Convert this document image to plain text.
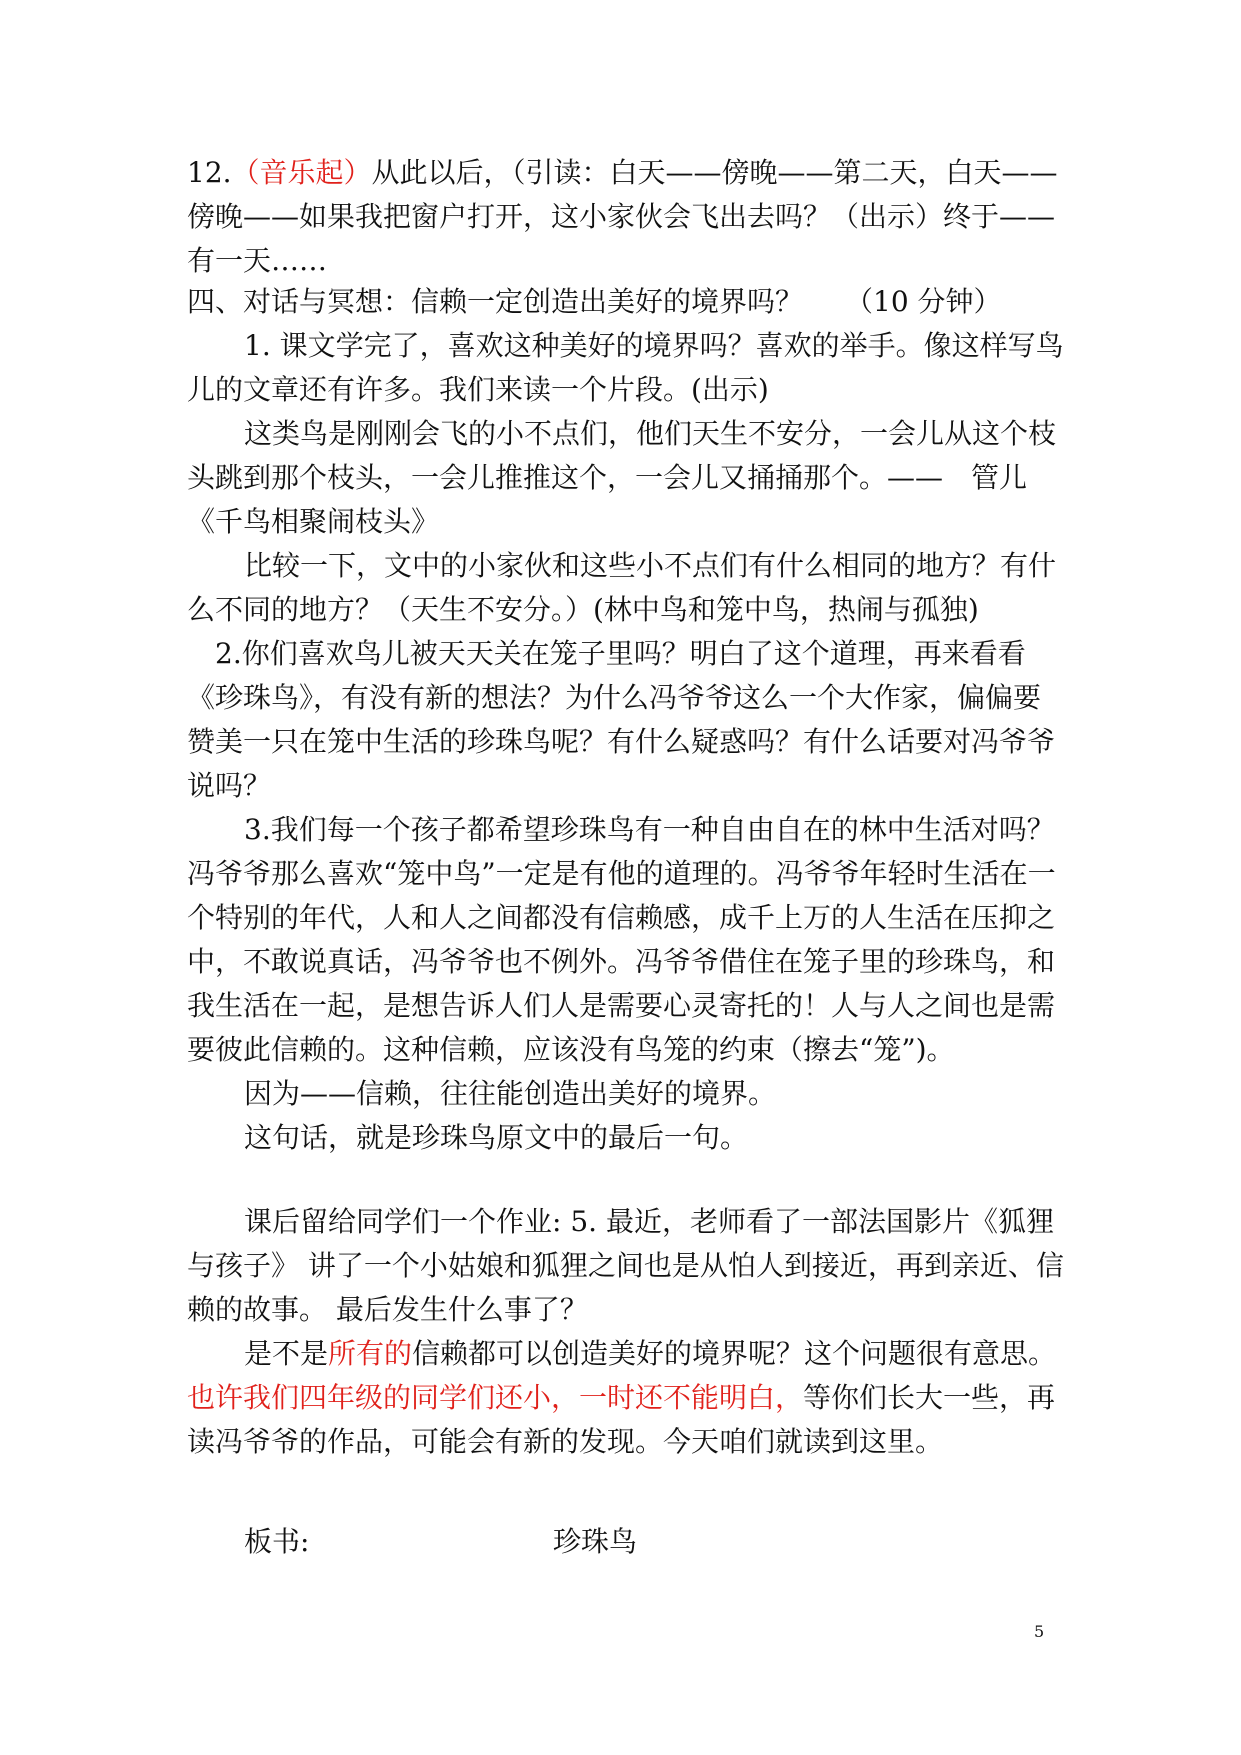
12.（音乐起）从此以后，（引读：白天——傍晚——第二天，白天——傍晚——如果我把窗户打开，这小家伙会飞出去吗？（出示）终于——有一天……

四、对话与冥想：信赖一定创造出美好的境界吗？　　（10 分钟）

1. 课文学完了，喜欢这种美好的境界吗？喜欢的举手。像这样写鸟儿的文章还有许多。我们来读一个片段。(出示)

这类鸟是刚刚会飞的小不点们，他们天生不安分，一会儿从这个枝头跳到那个枝头，一会儿推推这个，一会儿又捅捅那个。——　管儿《千鸟相聚闹枝头》

比较一下，文中的小家伙和这些小不点们有什么相同的地方？有什么不同的地方？（天生不安分。）(林中鸟和笼中鸟，热闹与孤独)

2.你们喜欢鸟儿被天天关在笼子里吗？明白了这个道理，再来看看《珍珠鸟》，有没有新的想法？为什么冯爷爷这么一个大作家，偏偏要赞美一只在笼中生活的珍珠鸟呢？有什么疑惑吗？有什么话要对冯爷爷说吗？

3.我们每一个孩子都希望珍珠鸟有一种自由自在的林中生活对吗？冯爷爷那么喜欢“笼中鸟”一定是有他的道理的。冯爷爷年轻时生活在一个特别的年代，人和人之间都没有信赖感，成千上万的人生活在压抑之中，不敢说真话，冯爷爷也不例外。冯爷爷借住在笼子里的珍珠鸟，和我生活在一起，是想告诉人们人是需要心灵寄托的！人与人之间也是需要彼此信赖的。这种信赖，应该没有鸟笼的约束（擦去“笼”)。

因为——信赖，往往能创造出美好的境界。

这句话，就是珍珠鸟原文中的最后一句。

课后留给同学们一个作业: 5. 最近，老师看了一部法国影片《狐狸与孩子》 讲了一个小姑娘和狐狸之间也是从怕人到接近，再到亲近、信赖的故事。 最后发生什么事了？

是不是所有的信赖都可以创造美好的境界呢？这个问题很有意思。也许我们四年级的同学们还小，一时还不能明白，等你们长大一些，再读冯爷爷的作品，可能会有新的发现。今天咱们就读到这里。

板书:	珍珠鸟
5
